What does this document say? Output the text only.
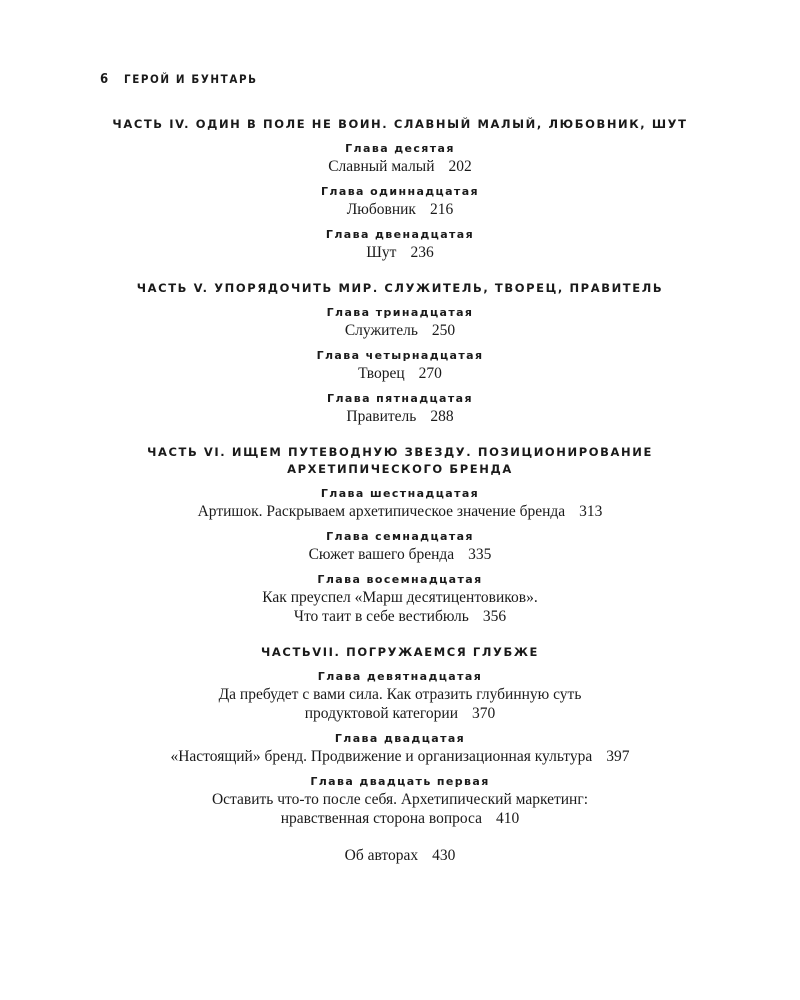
6 ГЕРОЙ И БУНТАРЬ
ЧАСТЬ IV. ОДИН В ПОЛЕ НЕ ВОИН. СЛАВНЫЙ МАЛЫЙ, ЛЮБОВНИК, ШУТ
Глава десятая
Славный малый 202
Глава одиннадцатая
Любовник 216
Глава двенадцатая
Шут 236
ЧАСТЬ V. УПОРЯДОЧИТЬ МИР. СЛУЖИТЕЛЬ, ТВОРЕЦ, ПРАВИТЕЛЬ
Глава тринадцатая
Служитель 250
Глава четырнадцатая
Творец 270
Глава пятнадцатая
Правитель 288
ЧАСТЬ VI. ИЩЕМ ПУТЕВОДНУЮ ЗВЕЗДУ. ПОЗИЦИОНИРОВАНИЕ
АРХЕТИПИЧЕСКОГО БРЕНДА
Глава шестнадцатая
Артишок. Раскрываем архетипическое значение бренда 313
Глава семнадцатая
Сюжет вашего бренда 335
Глава восемнадцатая
Как преуспел «Марш десятицентовиков».
Что таит в себе вестибюль 356
ЧАСТЬVII. ПОГРУЖАЕМСЯ ГЛУБЖЕ
Глава девятнадцатая
Да пребудет с вами сила. Как отразить глубинную суть
продуктовой категории 370
Глава двадцатая
«Настоящий» бренд. Продвижение и организационная культура 397
Глава двадцать первая
Оставить что-то после себя. Архетипический маркетинг:
нравственная сторона вопроса 410
Об авторах 430
